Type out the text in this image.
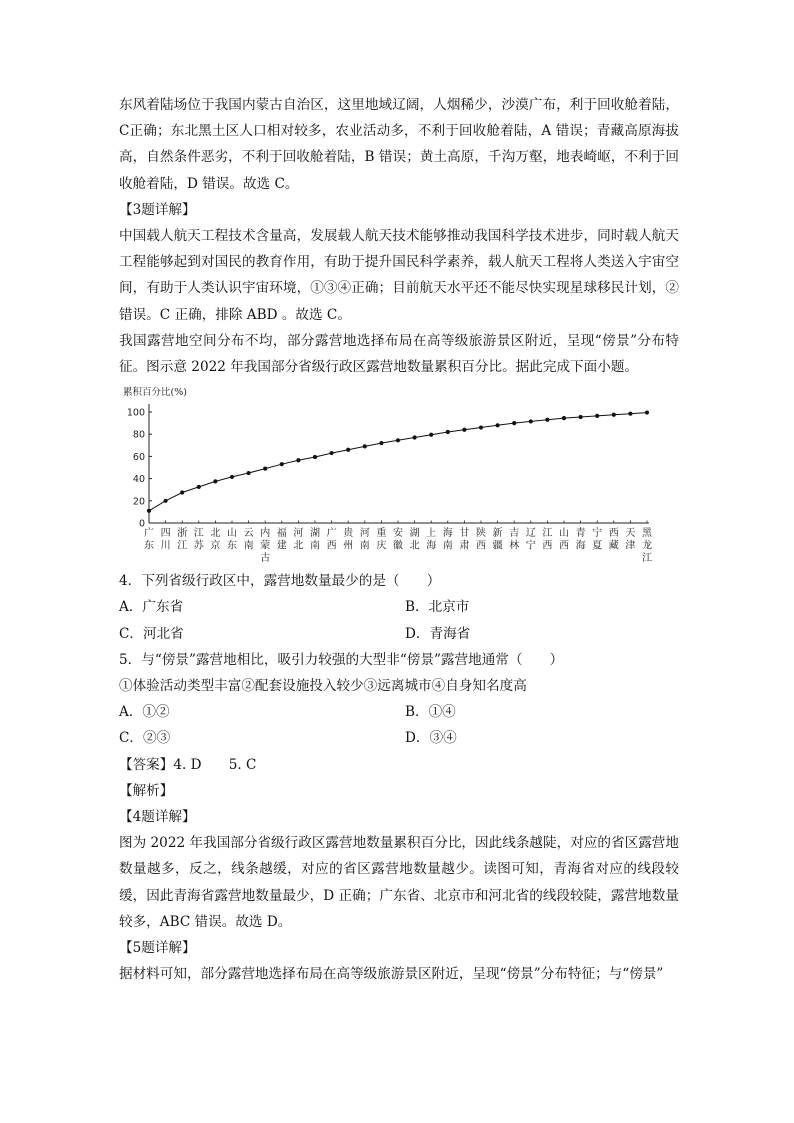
东风着陆场位于我国内蒙古自治区，这里地域辽阔，人烟稀少，沙漠广布，利于回收舱着陆，C正确；东北黑土区人口相对较多，农业活动多，不利于回收舱着陆，A 错误；青藏高原海拔高，自然条件恶劣，不利于回收舱着陆，B 错误；黄土高原，千沟万壑，地表崎岖，不利于回收舱着陆，D 错误。故选 C。

【3题详解】

中国载人航天工程技术含量高，发展载人航天技术能够推动我国科学技术进步，同时载人航天工程能够起到对国民的教育作用，有助于提升国民科学素养，载人航天工程将人类送入宇宙空间，有助于人类认识宇宙环境，①③④正确；目前航天水平还不能尽快实现星球移民计划，②错误。C 正确，排除 ABD 。故选 C。

我国露营地空间分布不均，部分露营地选择布局在高等级旅游景区附近，呈现“傍景”分布特征。图示意 2022 年我国部分省级行政区露营地数量累积百分比。据此完成下面小题。

累积百分比(%)
0
20
40
60
80
100
广东
四川
浙江
江苏
北京
山东
云南
内蒙古
福建
河北
湖南
广西
贵州
河南
重庆
安徽
湖北
上海
海南
甘肃
陕西
新疆
吉林
辽宁
江西
山西
青海
宁夏
西藏
天津
黑龙江

4．下列省级行政区中，露营地数量最少的是（　　）

A．广东省	B．北京市
C．河北省	D．青海省

5．与“傍景”露营地相比，吸引力较强的大型非“傍景”露营地通常（　　）

①体验活动类型丰富②配套设施投入较少③远离城市④自身知名度高

A．①②	B．①④
C．②③	D．③④

【答案】4. D　　5. C

【解析】

【4题详解】

图为 2022 年我国部分省级行政区露营地数量累积百分比，因此线条越陡，对应的省区露营地数量越多，反之，线条越缓，对应的省区露营地数量越少。读图可知，青海省对应的线段较缓，因此青海省露营地数量最少，D 正确；广东省、北京市和河北省的线段较陡，露营地数量较多，ABC 错误。故选 D。

【5题详解】

据材料可知，部分露营地选择布局在高等级旅游景区附近，呈现“傍景”分布特征；与“傍景”
